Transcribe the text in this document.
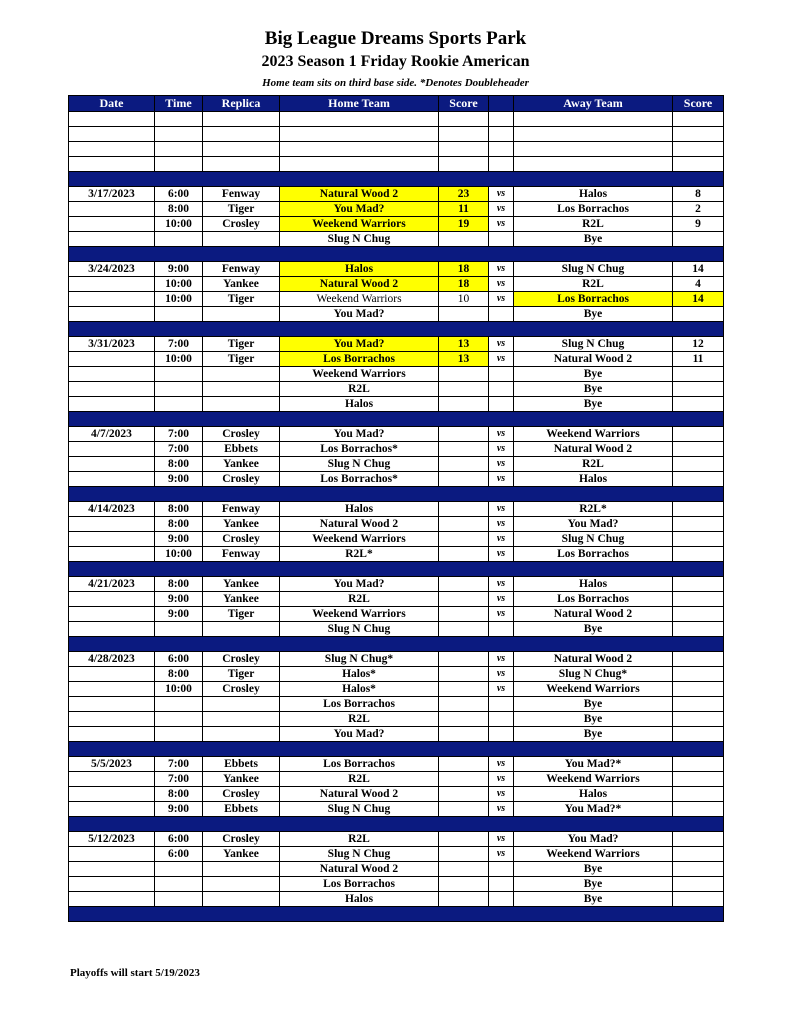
Big League Dreams Sports Park
2023 Season 1 Friday Rookie American
Home team sits on third base side. *Denotes Doubleheader
Date	Time	Replica	Home Team	Score		Away Team	Score

3/17/2023	6:00	Fenway	Natural Wood 2	23	vs	Halos	8
	8:00	Tiger	You Mad?	11	vs	Los Borrachos	2
	10:00	Crosley	Weekend Warriors	19	vs	R2L	9
			Slug N Chug			Bye	

3/24/2023	9:00	Fenway	Halos	18	vs	Slug N Chug	14
	10:00	Yankee	Natural Wood 2	18	vs	R2L	4
	10:00	Tiger	Weekend Warriors	10	vs	Los Borrachos	14
			You Mad?			Bye	

3/31/2023	7:00	Tiger	You Mad?	13	vs	Slug N Chug	12
	10:00	Tiger	Los Borrachos	13	vs	Natural Wood 2	11
			Weekend Warriors			Bye	
			R2L			Bye	
			Halos			Bye	

4/7/2023	7:00	Crosley	You Mad?		vs	Weekend Warriors	
	7:00	Ebbets	Los Borrachos*		vs	Natural Wood 2	
	8:00	Yankee	Slug N Chug		vs	R2L	
	9:00	Crosley	Los Borrachos*		vs	Halos	

4/14/2023	8:00	Fenway	Halos		vs	R2L*	
	8:00	Yankee	Natural Wood 2		vs	You Mad?	
	9:00	Crosley	Weekend Warriors		vs	Slug N Chug	
	10:00	Fenway	R2L*		vs	Los Borrachos	

4/21/2023	8:00	Yankee	You Mad?		vs	Halos	
	9:00	Yankee	R2L		vs	Los Borrachos	
	9:00	Tiger	Weekend Warriors		vs	Natural Wood 2	
			Slug N Chug			Bye	

4/28/2023	6:00	Crosley	Slug N Chug*		vs	Natural Wood 2	
	8:00	Tiger	Halos*		vs	Slug N Chug*	
	10:00	Crosley	Halos*		vs	Weekend Warriors	
			Los Borrachos			Bye	
			R2L			Bye	
			You Mad?			Bye	

5/5/2023	7:00	Ebbets	Los Borrachos		vs	You Mad?*	
	7:00	Yankee	R2L		vs	Weekend Warriors	
	8:00	Crosley	Natural Wood 2		vs	Halos	
	9:00	Ebbets	Slug N Chug		vs	You Mad?*	

5/12/2023	6:00	Crosley	R2L		vs	You Mad?	
	6:00	Yankee	Slug N Chug		vs	Weekend Warriors	
			Natural Wood 2			Bye	
			Los Borrachos			Bye	
			Halos			Bye	

Playoffs will start 5/19/2023
